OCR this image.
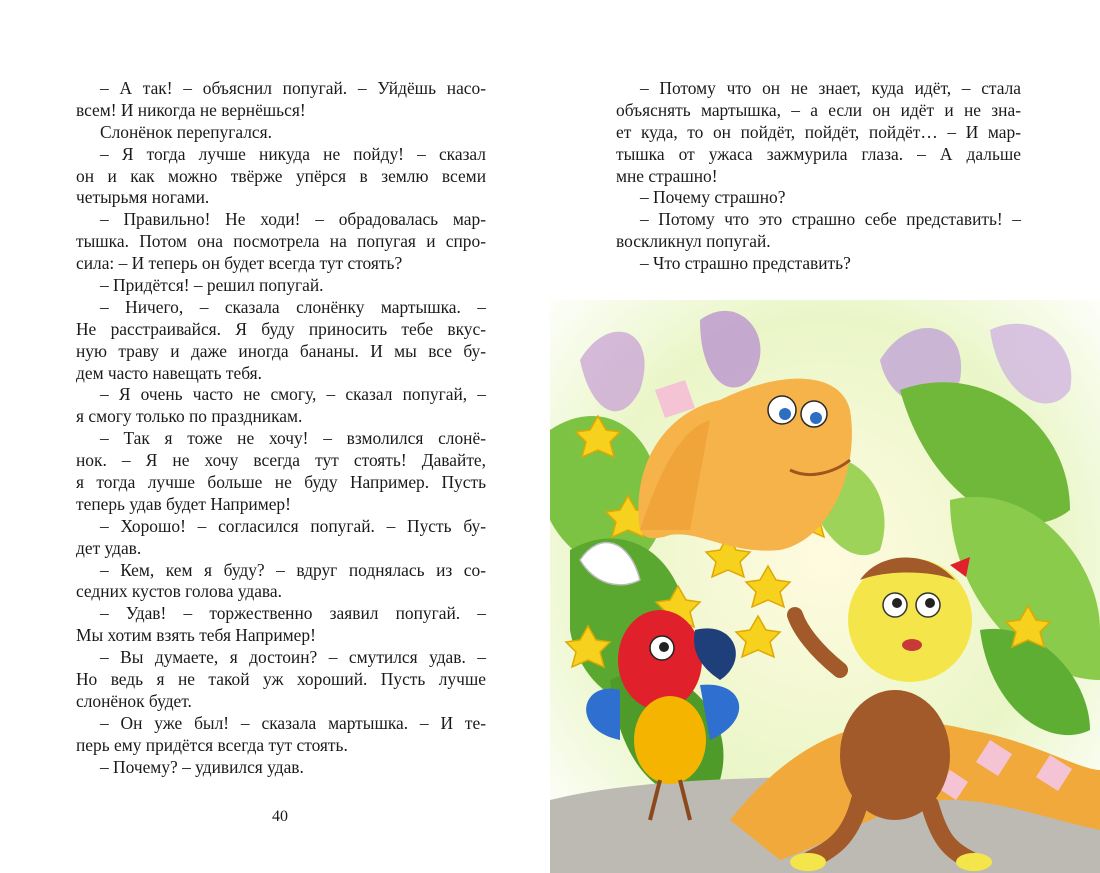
– А так! – объяснил попугай. – Уйдёшь насо-

всем! И никогда не вернёшься!

Слонёнок перепугался.

– Я тогда лучше никуда не пойду! – сказал

он и как можно твёрже упёрся в землю всеми

четырьмя ногами.

– Правильно! Не ходи! – обрадовалась мар-

тышка. Потом она посмотрела на попугая и спро-

сила: – И теперь он будет всегда тут стоять?

– Придётся! – решил попугай.

– Ничего, – сказала слонёнку мартышка. –

Не расстраивайся. Я буду приносить тебе вкус-

ную траву и даже иногда бананы. И мы все бу-

дем часто навещать тебя.

– Я очень часто не смогу, – сказал попугай, –

я смогу только по праздникам.

– Так я тоже не хочу! – взмолился слонё-

нок. – Я не хочу всегда тут стоять! Давайте,

я тогда лучше больше не буду Например. Пусть

теперь удав будет Например!

– Хорошо! – согласился попугай. – Пусть бу-

дет удав.

– Кем, кем я буду? – вдруг поднялась из со-

седних кустов голова удава.

– Удав! – торжественно заявил попугай. –

Мы хотим взять тебя Например!

– Вы думаете, я достоин? – смутился удав. –

Но ведь я не такой уж хороший. Пусть лучше

слонёнок будет.

– Он уже был! – сказала мартышка. – И те-

перь ему придётся всегда тут стоять.

– Почему? – удивился удав.

40

– Потому что он не знает, куда идёт, – стала

объяснять мартышка, – а если он идёт и не зна-

ет куда, то он пойдёт, пойдёт, пойдёт… – И мар-

тышка от ужаса зажмурила глаза. – А дальше

мне страшно!

– Почему страшно?

– Потому что это страшно себе представить! –

воскликнул попугай.

– Что страшно представить?
